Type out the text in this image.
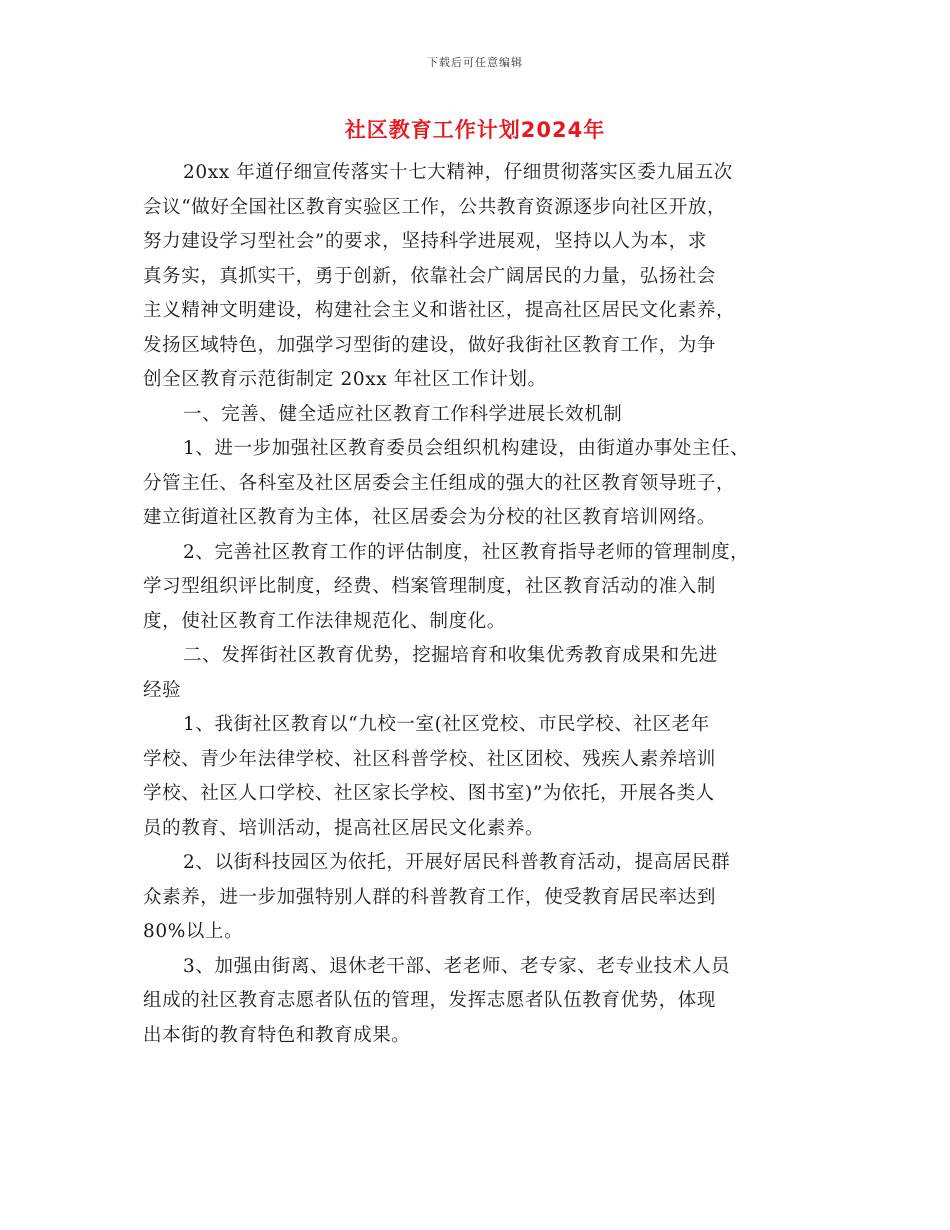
下载后可任意编辑
社区教育工作计划2024年
20xx 年道仔细宣传落实十七大精神，仔细贯彻落实区委九届五次
会议“做好全国社区教育实验区工作，公共教育资源逐步向社区开放，
努力建设学习型社会”的要求，坚持科学进展观，坚持以人为本，求
真务实，真抓实干，勇于创新，依靠社会广阔居民的力量，弘扬社会
主义精神文明建设，构建社会主义和谐社区，提高社区居民文化素养，
发扬区域特色，加强学习型街的建设，做好我街社区教育工作，为争
创全区教育示范街制定 20xx 年社区工作计划。
一、完善、健全适应社区教育工作科学进展长效机制
1、进一步加强社区教育委员会组织机构建设，由街道办事处主任、
分管主任、各科室及社区居委会主任组成的强大的社区教育领导班子，
建立街道社区教育为主体，社区居委会为分校的社区教育培训网络。
2、完善社区教育工作的评估制度，社区教育指导老师的管理制度，
学习型组织评比制度，经费、档案管理制度，社区教育活动的准入制
度，使社区教育工作法律规范化、制度化。
二、发挥街社区教育优势，挖掘培育和收集优秀教育成果和先进
经验
1、我街社区教育以“九校一室(社区党校、市民学校、社区老年
学校、青少年法律学校、社区科普学校、社区团校、残疾人素养培训
学校、社区人口学校、社区家长学校、图书室)”为依托，开展各类人
员的教育、培训活动，提高社区居民文化素养。
2、以街科技园区为依托，开展好居民科普教育活动，提高居民群
众素养，进一步加强特别人群的科普教育工作，使受教育居民率达到
80%以上。
3、加强由街离、退休老干部、老老师、老专家、老专业技术人员
组成的社区教育志愿者队伍的管理，发挥志愿者队伍教育优势，体现
出本街的教育特色和教育成果。
